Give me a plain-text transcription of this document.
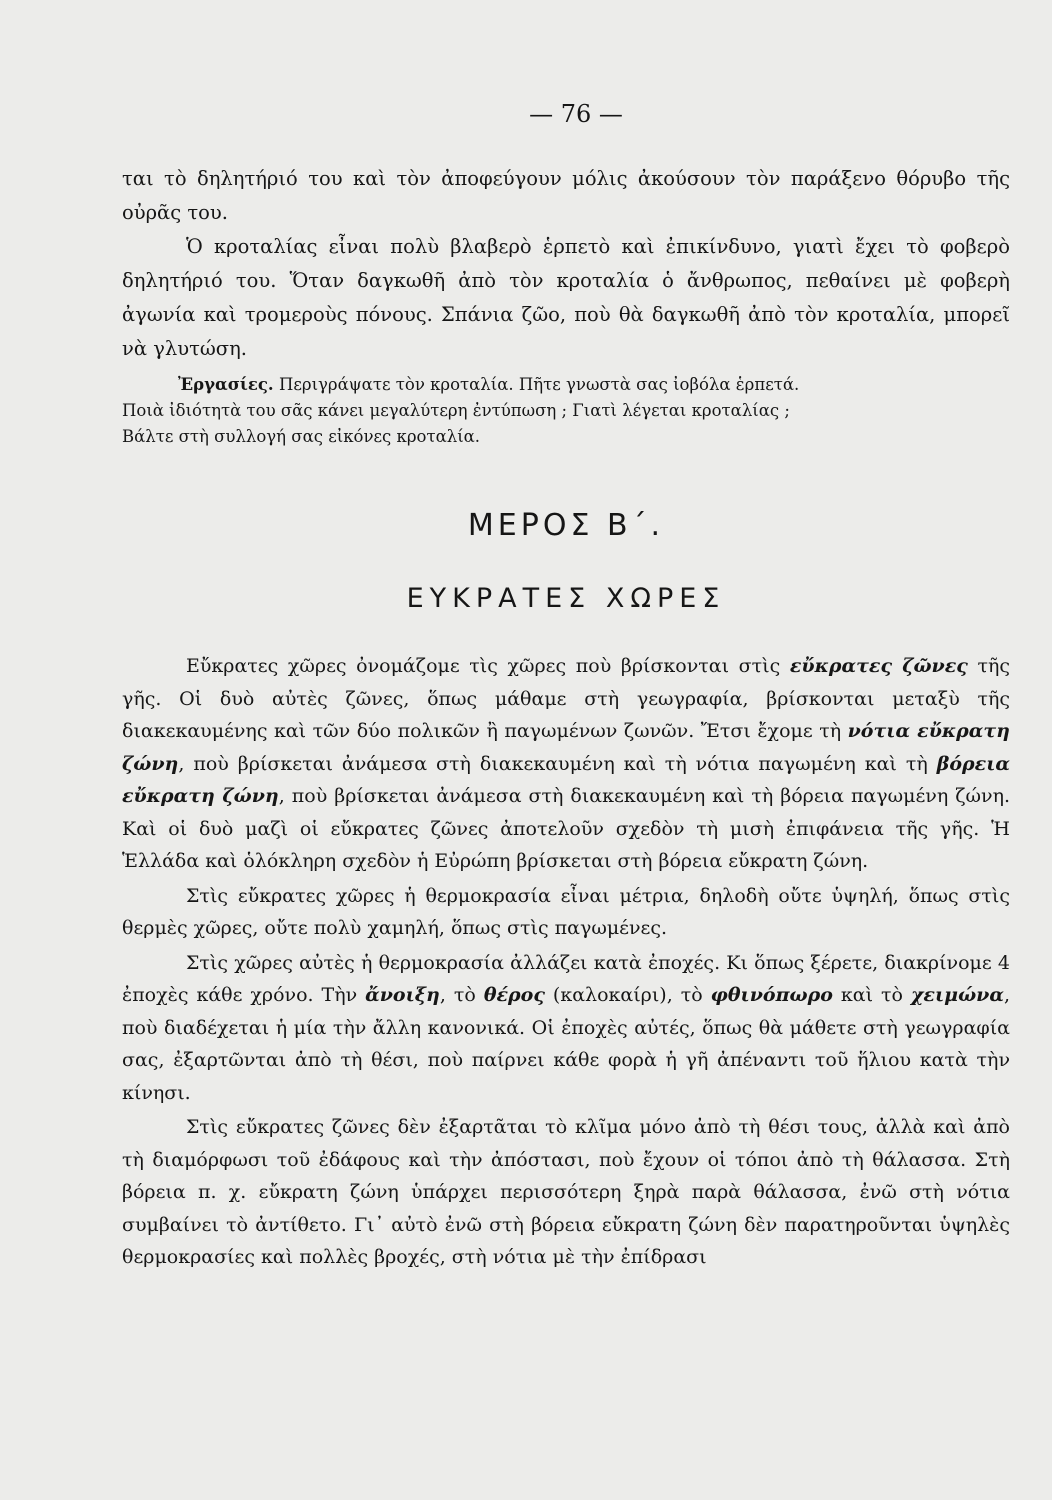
— 76 —

ται τὸ δηλητήριό του καὶ τὸν ἀποφεύγουν μόλις ἀκούσουν τὸν παράξενο θόρυβο τῆς οὐρᾶς του.

Ὁ κροταλίας εἶναι πολὺ βλαβερὸ ἑρπετὸ καὶ ἐπικίνδυνο, γιατὶ ἔχει τὸ φοβερὸ δηλητήριό του. Ὅταν δαγκωθῆ ἀπὸ τὸν κροταλία ὁ ἄνθρωπος, πεθαίνει μὲ φοβερὴ ἀγωνία καὶ τρομεροὺς πόνους. Σπάνια ζῶο, ποὺ θὰ δαγκωθῆ ἀπὸ τὸν κροταλία, μπορεῖ νὰ γλυτώση.

Ἐργασίες. Περιγράψατε τὸν κροταλία. Πῆτε γνωστὰ σας ἰοβόλα ἑρπετά.

Ποιὰ ἰδιότητὰ του σᾶς κάνει μεγαλύτερη ἐντύπωση ; Γιατὶ λέγεται κροταλίας ;

Βάλτε στὴ συλλογή σας εἰκόνες κροταλία.

ΜΕΡΟΣ Β΄.
ΕΥΚΡΑΤΕΣ ΧΩΡΕΣ

Εὔκρατες χῶρες ὀνομάζομε τὶς χῶρες ποὺ βρίσκονται στὶς εὔκρατες ζῶνες τῆς γῆς. Οἱ δυὸ αὐτὲς ζῶνες, ὅπως μάθαμε στὴ γεωγραφία, βρίσκονται μεταξὺ τῆς διακεκαυμένης καὶ τῶν δύο πολικῶν ἢ παγωμένων ζωνῶν. Ἔτσι ἔχομε τὴ νότια εὔκρατη ζώνη, ποὺ βρίσκεται ἀνάμεσα στὴ διακεκαυμένη καὶ τὴ νότια παγωμένη καὶ τὴ βόρεια εὔκρατη ζώνη, ποὺ βρίσκεται ἀνάμεσα στὴ διακεκαυμένη καὶ τὴ βόρεια παγωμένη ζώνη. Καὶ οἱ δυὸ μαζὶ οἱ εὔκρατες ζῶνες ἀποτελοῦν σχεδὸν τὴ μισὴ ἐπιφάνεια τῆς γῆς. Ἡ Ἑλλάδα καὶ ὁλόκληρη σχεδὸν ἡ Εὐρώπη βρίσκεται στὴ βόρεια εὔκρατη ζώνη.

Στὶς εὔκρατες χῶρες ἡ θερμοκρασία εἶναι μέτρια, δηλοδὴ οὔτε ὑψηλή, ὅπως στὶς θερμὲς χῶρες, οὔτε πολὺ χαμηλή, ὅπως στὶς παγωμένες.

Στὶς χῶρες αὐτὲς ἡ θερμοκρασία ἀλλάζει κατὰ ἐποχές. Κι ὅπως ξέρετε, διακρίνομε 4 ἐποχὲς κάθε χρόνο. Τὴν ἄνοιξη, τὸ θέρος (καλοκαίρι), τὸ φθινόπωρο καὶ τὸ χειμώνα, ποὺ διαδέχεται ἡ μία τὴν ἄλλη κανονικά. Οἱ ἐποχὲς αὐτές, ὅπως θὰ μάθετε στὴ γεωγραφία σας, ἐξαρτῶνται ἀπὸ τὴ θέσι, ποὺ παίρνει κάθε φορὰ ἡ γῆ ἀπέναντι τοῦ ἥλιου κατὰ τὴν κίνησι.

Στὶς εὔκρατες ζῶνες δὲν ἐξαρτᾶται τὸ κλῖμα μόνο ἀπὸ τὴ θέσι τους, ἀλλὰ καὶ ἀπὸ τὴ διαμόρφωσι τοῦ ἐδάφους καὶ τὴν ἀπόστασι, ποὺ ἔχουν οἱ τόποι ἀπὸ τὴ θάλασσα. Στὴ βόρεια π. χ. εὔκρατη ζώνη ὑπάρχει περισσότερη ξηρὰ παρὰ θάλασσα, ἐνῶ στὴ νότια συμβαίνει τὸ ἀντίθετο. Γι᾽ αὐτὸ ἐνῶ στὴ βόρεια εὔκρατη ζώνη δὲν παρατηροῦνται ὑψηλὲς θερμοκρασίες καὶ πολλὲς βροχές, στὴ νότια μὲ τὴν ἐπίδρασι
